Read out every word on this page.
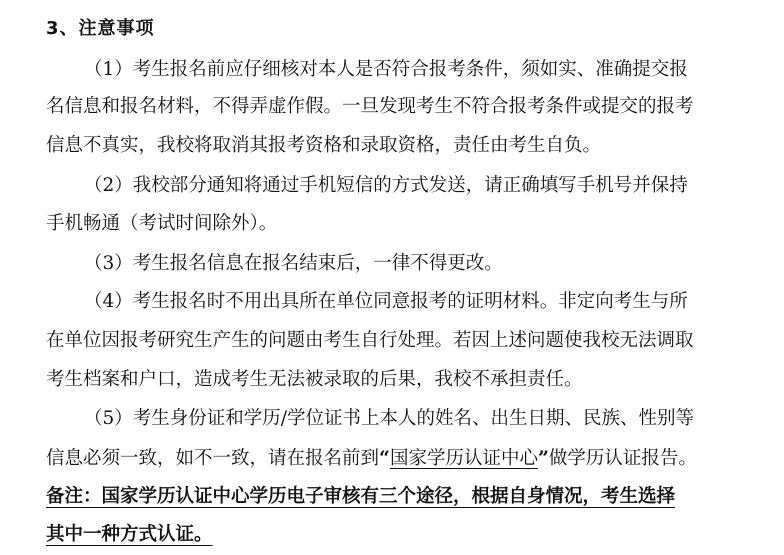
3、注意事项
（1）考生报名前应仔细核对本人是否符合报考条件，须如实、准确提交报
名信息和报名材料，不得弄虚作假。一旦发现考生不符合报考条件或提交的报考
信息不真实，我校将取消其报考资格和录取资格，责任由考生自负。
（2）我校部分通知将通过手机短信的方式发送，请正确填写手机号并保持
手机畅通（考试时间除外）。
（3）考生报名信息在报名结束后，一律不得更改。
（4）考生报名时不用出具所在单位同意报考的证明材料。非定向考生与所
在单位因报考研究生产生的问题由考生自行处理。若因上述问题使我校无法调取
考生档案和户口，造成考生无法被录取的后果，我校不承担责任。
（5）考生身份证和学历/学位证书上本人的姓名、出生日期、民族、性别等
信息必须一致，如不一致，请在报名前到“国家学历认证中心”做学历认证报告。
备注：国家学历认证中心学历电子审核有三个途径，根据自身情况，考生选择
其中一种方式认证。
